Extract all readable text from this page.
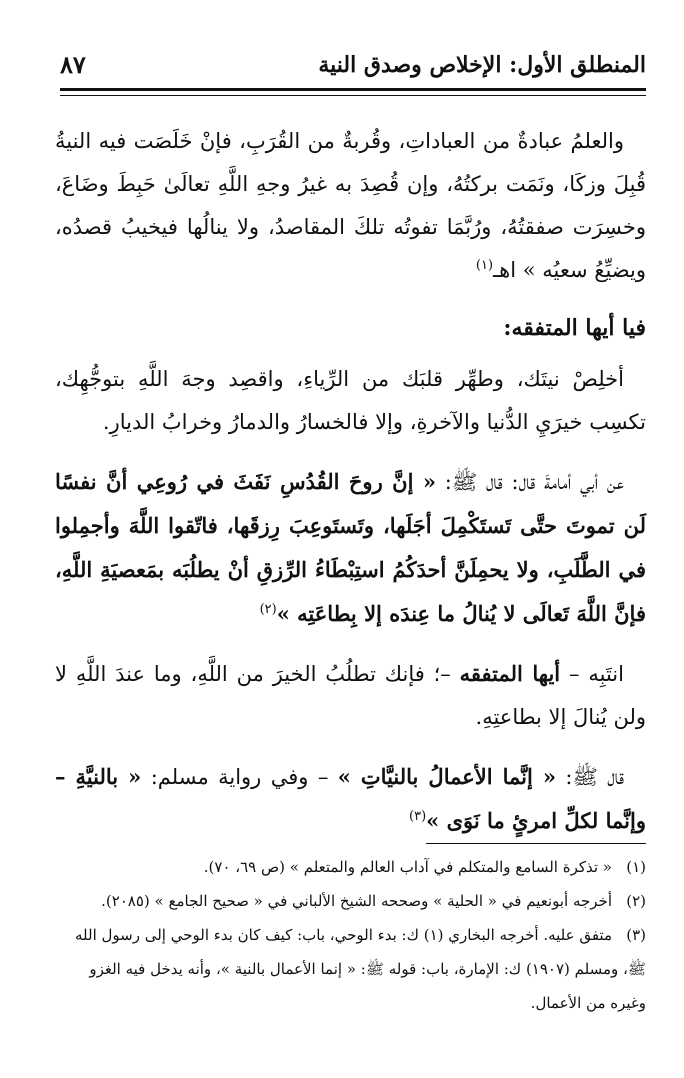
المنطلق الأول: الإخلاص وصدق النية
٨٧

والعلمُ عبادةٌ من العباداتِ، وقُربةٌ من القُرَبِ، فإنْ خَلَصَت فيه النيةُ قُبِلَ وزكَا، ونَمَت بركتُهُ، وإن قُصِدَ به غيرُ وجهِ اللَّهِ تعالَىٰ حَبِطَ وضَاعَ، وخسِرَت صفقتُهُ، ورُبَّمَا تفوتُه تلكَ المقاصدُ، ولا ينالُها فيخيبُ قصدُه، ويضيِّعُ سعيُه » اهـ$^{(١)}$

فيا أيها المتفقه:

أخلِصْ نيتَك، وطهِّر قلبَك من الرِّياءِ، واقصِد وجهَ اللَّهِ بتوجُّهِك، تكسِب خيرَيِ الدُّنيا والآخرةِ، وإلا فالخسارُ والدمارُ وخرابُ الديارِ.

عن أبي أمامةَ قال: قال ﷺ: « إنَّ روحَ القُدُسِ نَفَثَ في رُوعِي أنَّ نفسًا لَن تموتَ حتَّى تَستَكْمِلَ أجَلَها، وتَستَوعِبَ رِزقَها، فاتّقوا اللَّهَ وأجمِلوا في الطَّلَبِ، ولا يحمِلَنَّ أحدَكُمُ استِبْطَاءُ الرِّزقِ أنْ يطلُبَه بمَعصيَةِ اللَّهِ، فإنَّ اللَّهَ تَعالَى لا يُنالُ ما عِندَه إلا بِطاعَتِه »$^{(٢)}$

انتَبِه – أيها المتفقه –؛ فإنك تطلُبُ الخيرَ من اللَّهِ، وما عندَ اللَّهِ لا ولن يُنالَ إلا بطاعتِهِ.

قال ﷺ: « إنَّما الأعمالُ بالنيَّاتِ » – وفي رواية مسلم: « بالنيَّةِ – وإنَّما لكلِّ امرئٍ ما نَوَى »$^{(٣)}$

(١)« تذكرة السامع والمتكلم في آداب العالم والمتعلم » (ص ٦٩، ٧٠).

(٢)أخرجه أبونعيم في « الحلية » وصححه الشيخ الألباني في « صحيح الجامع » (٢٠٨٥).

(٣)متفق عليه. أخرجه البخاري (١) ك: بدء الوحي، باب: كيف كان بدء الوحي إلى رسول الله ﷺ، ومسلم (١٩٠٧) ك: الإمارة، باب: قوله ﷺ: « إنما الأعمال بالنية »، وأنه يدخل فيه الغزو وغيره من الأعمال.
